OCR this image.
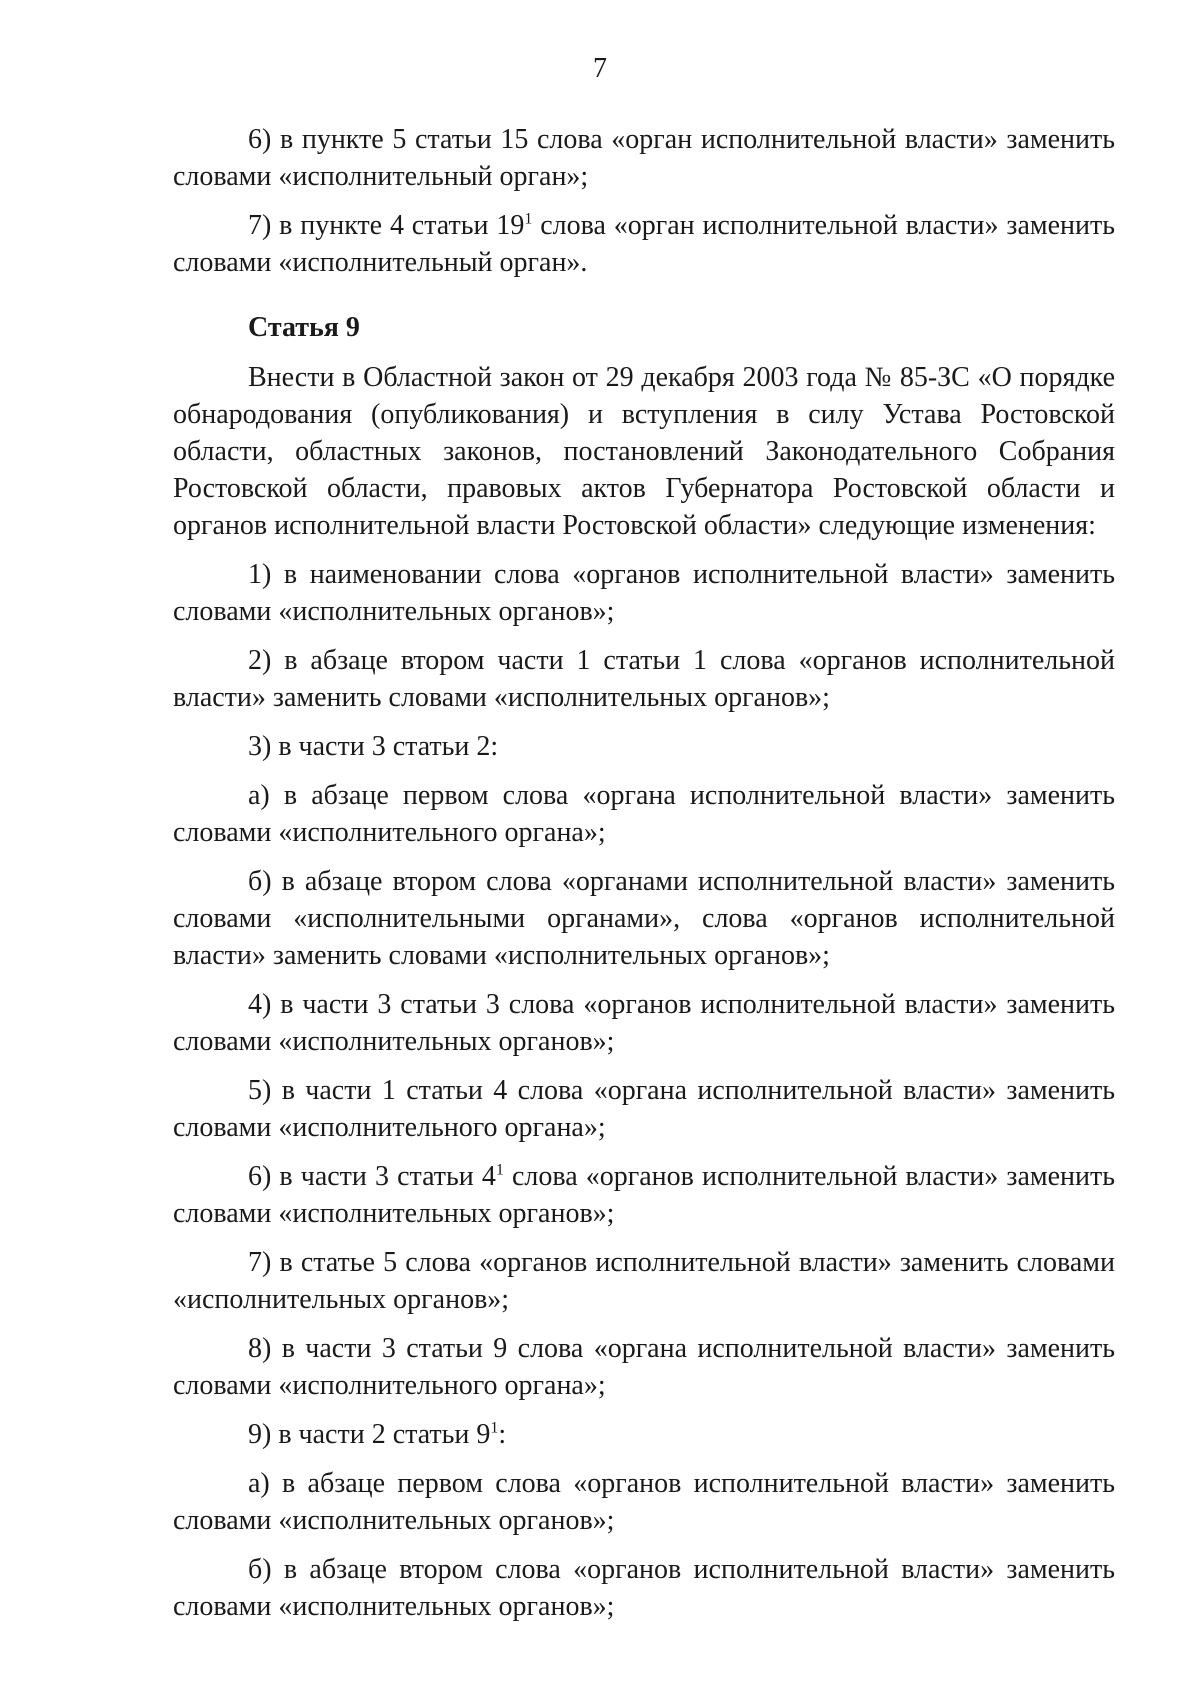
7

6) в пункте 5 статьи 15 слова «орган исполнительной власти» заменить словами «исполнительный орган»;

7) в пункте 4 статьи $19^1$ слова «орган исполнительной власти» заменить словами «исполнительный орган».

Статья 9

Внести в Областной закон от 29 декабря 2003 года № 85-ЗС «О порядке обнародования (опубликования) и вступления в силу Устава Ростовской области, областных законов, постановлений Законодательного Собрания Ростовской области, правовых актов Губернатора Ростовской области и органов исполнительной власти Ростовской области» следующие изменения:

1) в наименовании слова «органов исполнительной власти» заменить словами «исполнительных органов»;

2) в абзаце втором части 1 статьи 1 слова «органов исполнительной власти» заменить словами «исполнительных органов»;

3) в части 3 статьи 2:

а) в абзаце первом слова «органа исполнительной власти» заменить словами «исполнительного органа»;

б) в абзаце втором слова «органами исполнительной власти» заменить словами «исполнительными органами», слова «органов исполнительной власти» заменить словами «исполнительных органов»;

4) в части 3 статьи 3 слова «органов исполнительной власти» заменить словами «исполнительных органов»;

5) в части 1 статьи 4 слова «органа исполнительной власти» заменить словами «исполнительного органа»;

6) в части 3 статьи $4^1$ слова «органов исполнительной власти» заменить словами «исполнительных органов»;

7) в статье 5 слова «органов исполнительной власти» заменить словами «исполнительных органов»;

8) в части 3 статьи 9 слова «органа исполнительной власти» заменить словами «исполнительного органа»;

9) в части 2 статьи $9^1$:

а) в абзаце первом слова «органов исполнительной власти» заменить словами «исполнительных органов»;

б) в абзаце втором слова «органов исполнительной власти» заменить словами «исполнительных органов»;
